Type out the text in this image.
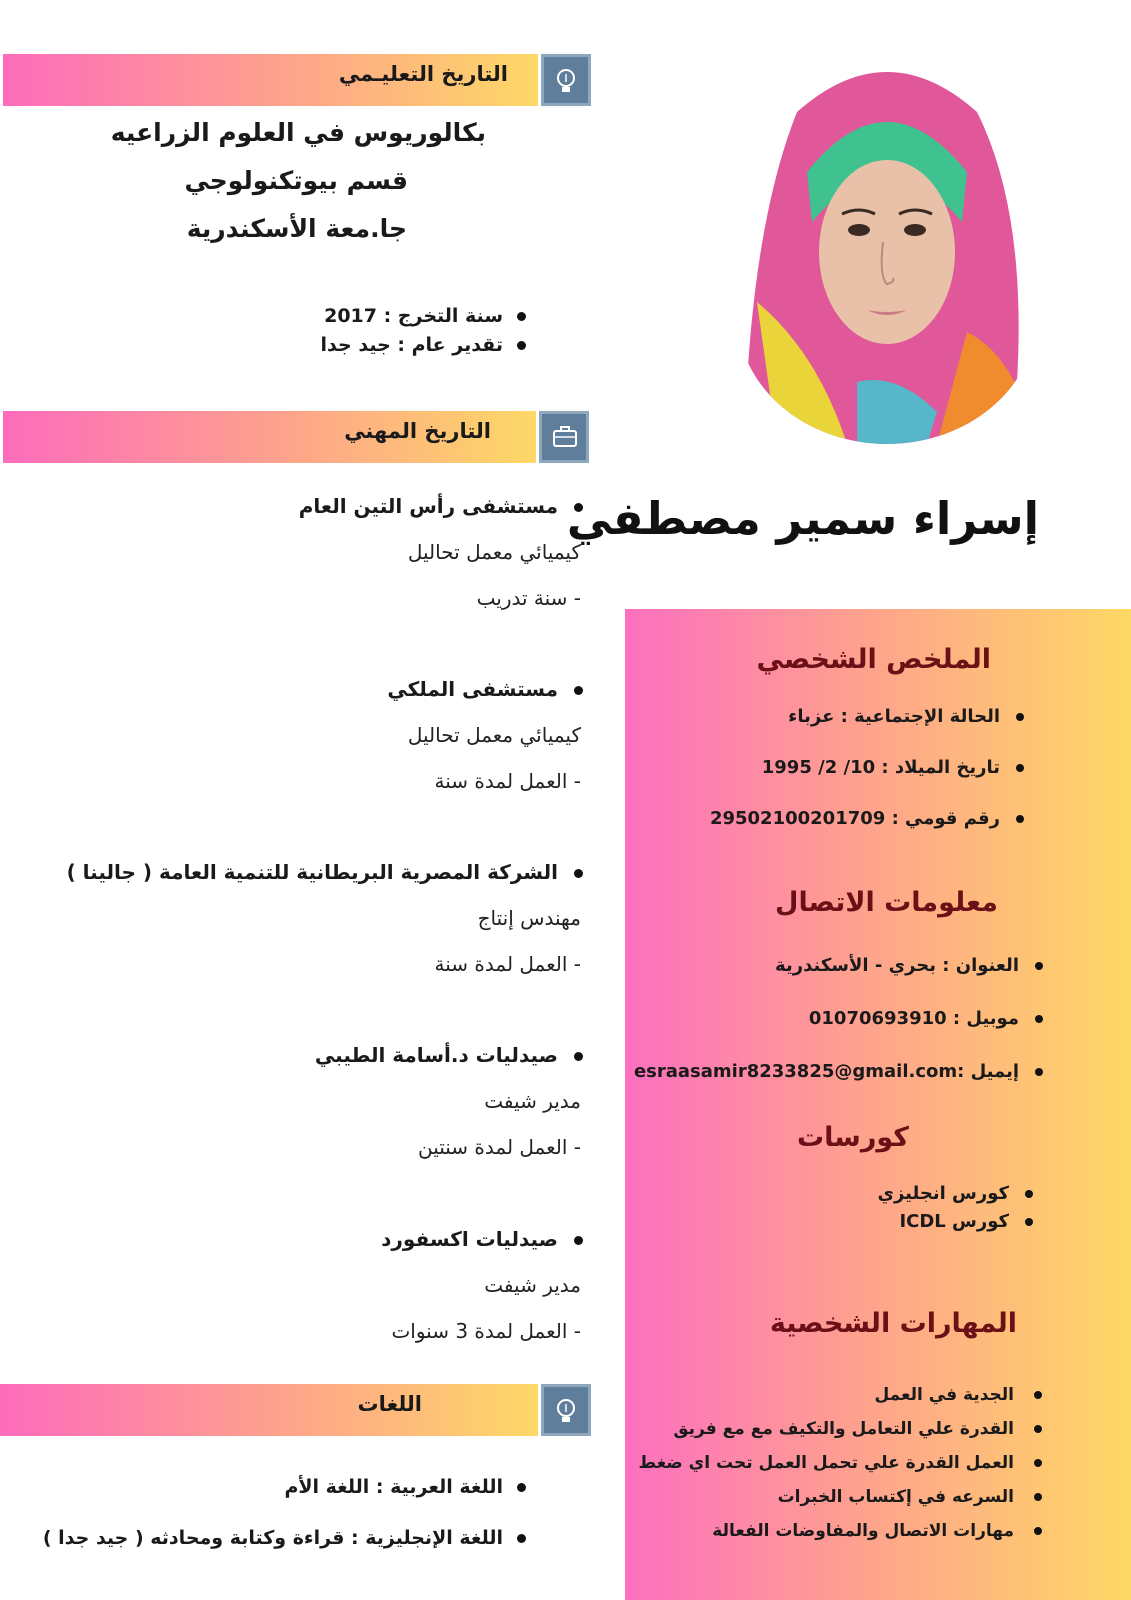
التاريخ التعليـمي
بكالوريوس في العلوم الزراعيه
قسم بيوتكنولوجي
جا.معة الأسكندرية
سنة التخرج : 2017
تقدير عام : جيد جدا
التاريخ المهني
مستشفى رأس التين العام
كيميائي معمل تحاليل
- سنة تدريب
مستشفى الملكي
كيميائي معمل تحاليل
- العمل لمدة سنة
الشركة المصرية البريطانية للتنمية العامة ( جالينا )
مهندس إنتاج
- العمل لمدة سنة
صيدليات د.أسامة الطيبي
مدير شيفت
- العمل لمدة سنتين
صيدليات اكسفورد
مدير شيفت
- العمل لمدة 3 سنوات
اللغات
اللغة العربية : اللغة الأم
اللغة الإنجليزية : قراءة وكتابة ومحادثه ( جيد جدا )
إسراء سمير مصطفي
الملخص الشخصي
الحالة الإجتماعية : عزباء
تاريخ الميلاد : 10/ 2/ 1995
رقم قومي : 29502100201709
معلومات الاتصال
العنوان : بحري - الأسكندرية
موبيل : 01070693910
إيميل :esraasamir8233825@gmail.com
كورسات
كورس انجليزي
كورس ICDL
المهارات الشخصية
الجدية في العمل
القدرة علي التعامل والتكيف مع مع فريق
العمل القدرة علي تحمل العمل تحت اي ضغط
السرعه في إكتساب الخبرات
مهارات الاتصال والمفاوضات الفعالة
